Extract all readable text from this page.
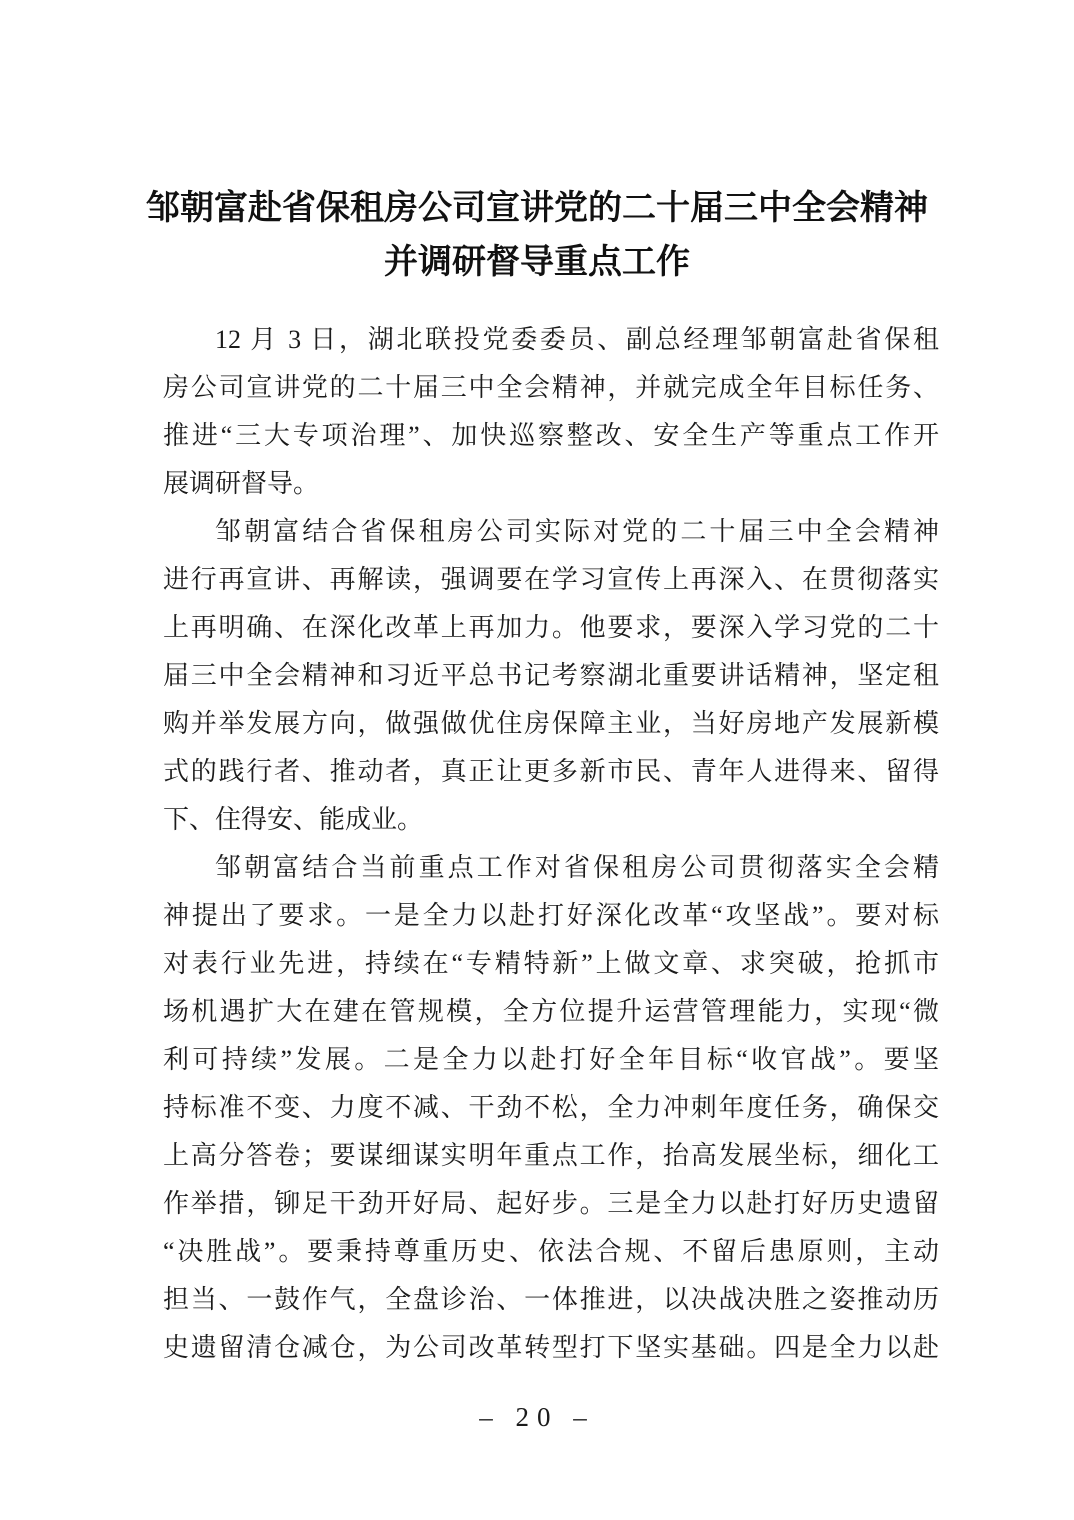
邹朝富赴省保租房公司宣讲党的二十届三中全会精神
并调研督导重点工作

12 月 3 日，湖北联投党委委员、副总经理邹朝富赴省保租
房公司宣讲党的二十届三中全会精神，并就完成全年目标任务、
推进“三大专项治理”、加快巡察整改、安全生产等重点工作开
展调研督导。

邹朝富结合省保租房公司实际对党的二十届三中全会精神
进行再宣讲、再解读，强调要在学习宣传上再深入、在贯彻落实
上再明确、在深化改革上再加力。他要求，要深入学习党的二十
届三中全会精神和习近平总书记考察湖北重要讲话精神，坚定租
购并举发展方向，做强做优住房保障主业，当好房地产发展新模
式的践行者、推动者，真正让更多新市民、青年人进得来、留得
下、住得安、能成业。

邹朝富结合当前重点工作对省保租房公司贯彻落实全会精
神提出了要求。一是全力以赴打好深化改革“攻坚战”。要对标
对表行业先进，持续在“专精特新”上做文章、求突破，抢抓市
场机遇扩大在建在管规模，全方位提升运营管理能力，实现“微
利可持续”发展。二是全力以赴打好全年目标“收官战”。要坚
持标准不变、力度不减、干劲不松，全力冲刺年度任务，确保交
上高分答卷；要谋细谋实明年重点工作，抬高发展坐标，细化工
作举措，铆足干劲开好局、起好步。三是全力以赴打好历史遗留
“决胜战”。要秉持尊重历史、依法合规、不留后患原则，主动
担当、一鼓作气，全盘诊治、一体推进，以决战决胜之姿推动历
史遗留清仓减仓，为公司改革转型打下坚实基础。四是全力以赴

– 20 –
